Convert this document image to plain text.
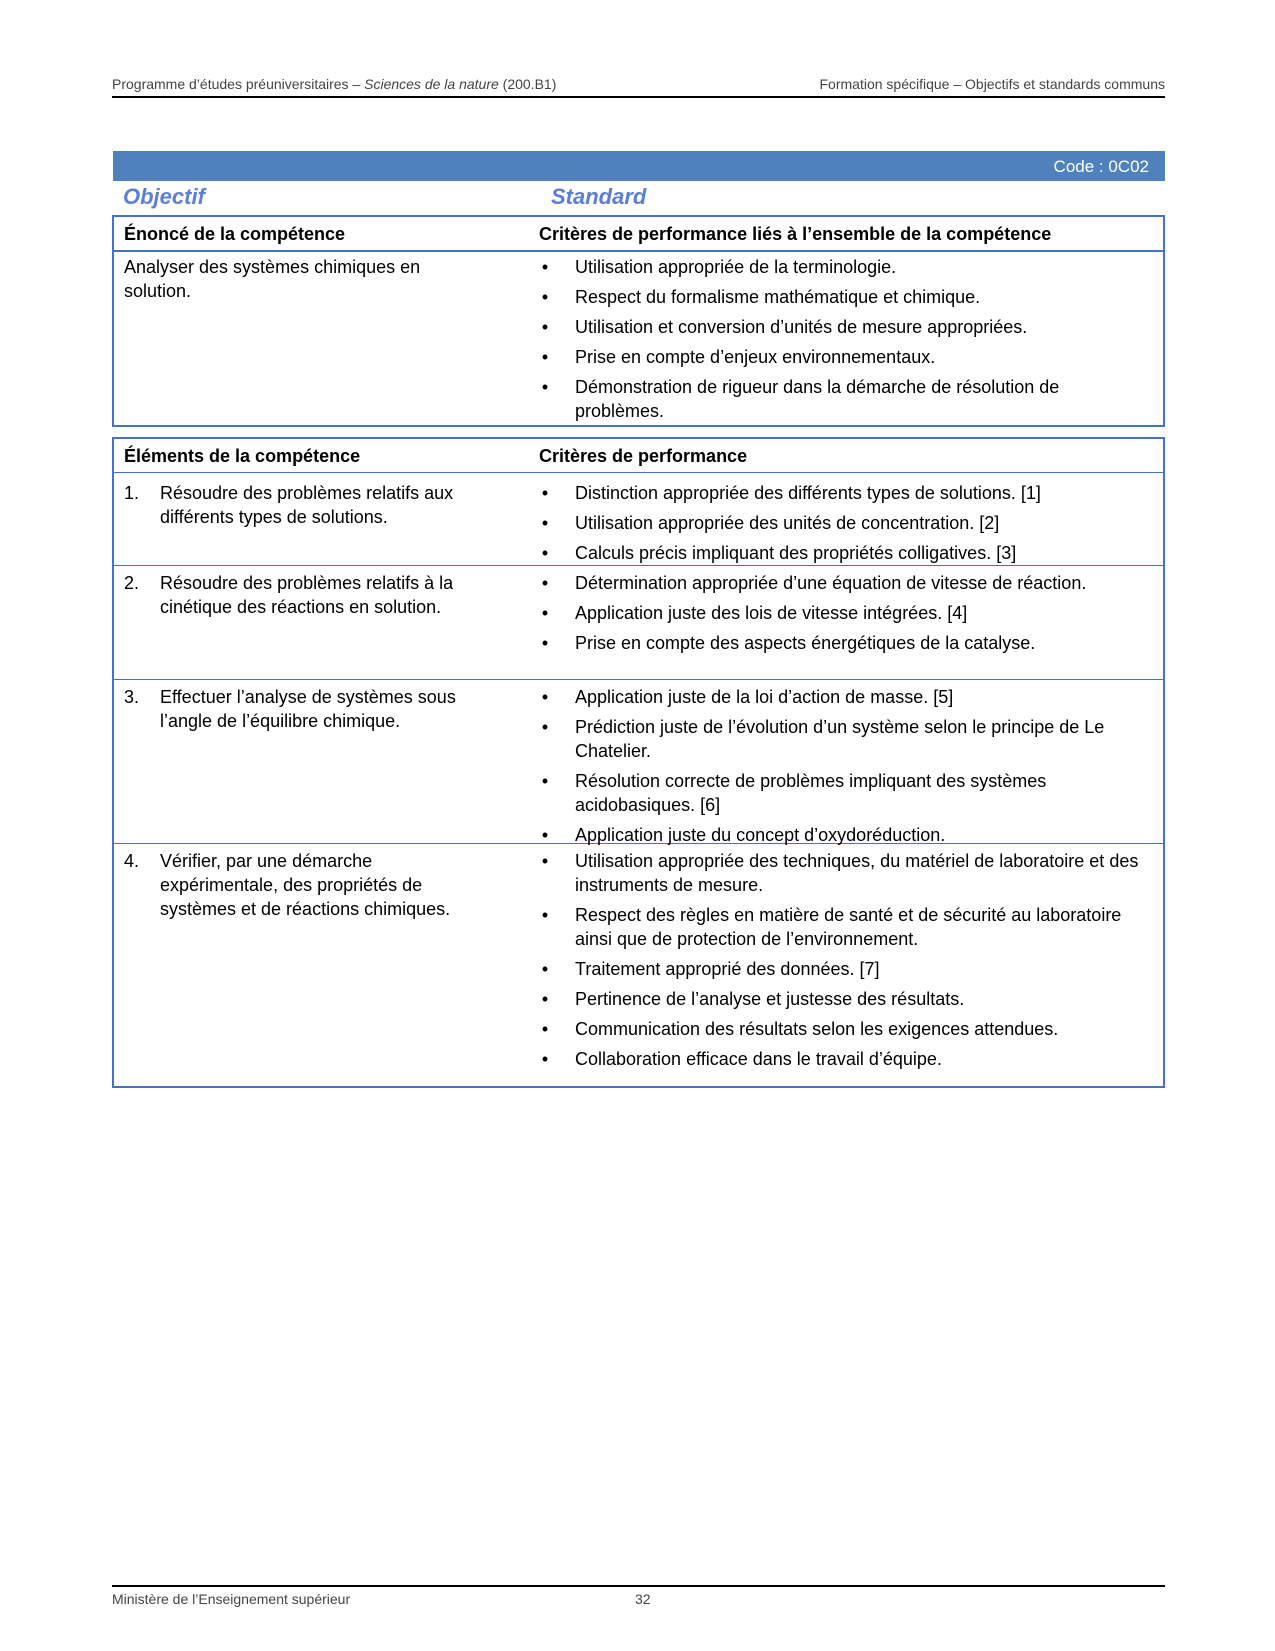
Programme d’études préuniversitaires – Sciences de la nature (200.B1)	Formation spécifique – Objectifs et standards communs
Code : 0C02
Objectif	Standard
Énoncé de la compétence	Critères de performance liés à l’ensemble de la compétence
Analyser des systèmes chimiques en solution.
• Utilisation appropriée de la terminologie.
• Respect du formalisme mathématique et chimique.
• Utilisation et conversion d’unités de mesure appropriées.
• Prise en compte d’enjeux environnementaux.
• Démonstration de rigueur dans la démarche de résolution de problèmes.
Éléments de la compétence	Critères de performance
1.	Résoudre des problèmes relatifs aux différents types de solutions.
• Distinction appropriée des différents types de solutions. [1]
• Utilisation appropriée des unités de concentration. [2]
• Calculs précis impliquant des propriétés colligatives. [3]
2.	Résoudre des problèmes relatifs à la cinétique des réactions en solution.
• Détermination appropriée d’une équation de vitesse de réaction.
• Application juste des lois de vitesse intégrées. [4]
• Prise en compte des aspects énergétiques de la catalyse.
3.	Effectuer l’analyse de systèmes sous l’angle de l’équilibre chimique.
• Application juste de la loi d’action de masse. [5]
• Prédiction juste de l’évolution d’un système selon le principe de Le Chatelier.
• Résolution correcte de problèmes impliquant des systèmes acidobasiques. [6]
• Application juste du concept d’oxydoréduction.
4.	Vérifier, par une démarche expérimentale, des propriétés de systèmes et de réactions chimiques.
• Utilisation appropriée des techniques, du matériel de laboratoire et des instruments de mesure.
• Respect des règles en matière de santé et de sécurité au laboratoire ainsi que de protection de l’environnement.
• Traitement approprié des données. [7]
• Pertinence de l’analyse et justesse des résultats.
• Communication des résultats selon les exigences attendues.
• Collaboration efficace dans le travail d’équipe.
Ministère de l’Enseignement supérieur	32
